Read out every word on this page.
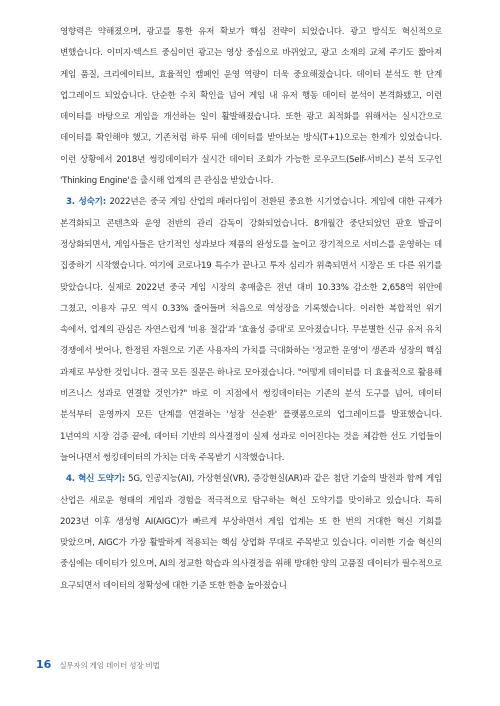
영향력은 약해졌으며, 광고를 통한 유저 확보가 핵심 전략이 되었습니다. 광고 방식도 혁신적으로 변했습니다. 이미지·텍스트 중심이던 광고는 영상 중심으로 바뀌었고, 광고 소재의 교체 주기도 짧아져 게임 품질, 크리에이티브, 효율적인 캠페인 운영 역량이 더욱 중요해졌습니다. 데이터 분석도 한 단계 업그레이드 되었습니다. 단순한 수치 확인을 넘어 게임 내 유저 행동 데이터 분석이 본격화됐고, 이런 데이터를 바탕으로 게임을 개선하는 일이 활발해졌습니다. 또한 광고 최적화를 위해서는 실시간으로 데이터를 확인해야 했고, 기존처럼 하루 뒤에 데이터를 받아보는 방식(T+1)으로는 한계가 있었습니다. 이런 상황에서 2018년 썽킹데이터가 실시간 데이터 조회가 가능한 로우코드(Self-서비스) 분석 도구인 'Thinking Engine'을 출시해 업계의 큰 관심을 받았습니다.

3. 성숙기: 2022년은 중국 게임 산업의 패러다임이 전환된 중요한 시기였습니다. 게임에 대한 규제가 본격화되고 콘텐츠와 운영 전반의 관리 감독이 강화되었습니다. 8개월간 중단되었던 판호 발급이 정상화되면서, 게임사들은 단기적인 성과보다 제품의 완성도를 높이고 장기적으로 서비스를 운영하는 데 집중하기 시작했습니다. 여기에 코로나19 특수가 끝나고 투자 심리가 위축되면서 시장은 또 다른 위기를 맞았습니다. 실제로 2022년 중국 게임 시장의 총매출은 전년 대비 10.33% 감소한 2,658억 위안에 그쳤고, 이용자 규모 역시 0.33% 줄어들며 처음으로 역성장을 기록했습니다. 이러한 복합적인 위기 속에서, 업계의 관심은 자연스럽게 '비용 절감'과 '효율성 증대'로 모아졌습니다. 무분별한 신규 유저 유치 경쟁에서 벗어나, 한정된 자원으로 기존 사용자의 가치를 극대화하는 '정교한 운영'이 생존과 성장의 핵심 과제로 부상한 것입니다. 결국 모든 질문은 하나로 모아졌습니다. "어떻게 데이터를 더 효율적으로 활용해 비즈니스 성과로 연결할 것인가?" 바로 이 지점에서 썽킹데이터는 기존의 분석 도구를 넘어, 데이터 분석부터 운영까지 모든 단계를 연결하는 '성장 선순환' 플랫폼으로의 업그레이드를 발표했습니다. 1년여의 시장 검증 끝에, 데이터 기반의 의사결정이 실제 성과로 이어진다는 것을 체감한 선도 기업들이 늘어나면서 썽킹데이터의 가치는 더욱 주목받기 시작했습니다.

4. 혁신 도약기: 5G, 인공지능(AI), 가상현실(VR), 증강현실(AR)과 같은 첨단 기술의 발전과 함께 게임 산업은 새로운 형태의 게임과 경험을 적극적으로 탐구하는 혁신 도약기를 맞이하고 있습니다. 특히 2023년 이후 생성형 AI(AIGC)가 빠르게 부상하면서 게임 업계는 또 한 번의 거대한 혁신 기회를 맞았으며, AIGC가 가장 활발하게 적용되는 핵심 상업화 무대로 주목받고 있습니다. 이러한 기술 혁신의 중심에는 데이터가 있으며, AI의 정교한 학습과 의사결정을 위해 방대한 양의 고품질 데이터가 필수적으로 요구되면서 데이터의 정확성에 대한 기준 또한 한층 높아졌습니

16 실무자의 게임 데이터 성장 비법
